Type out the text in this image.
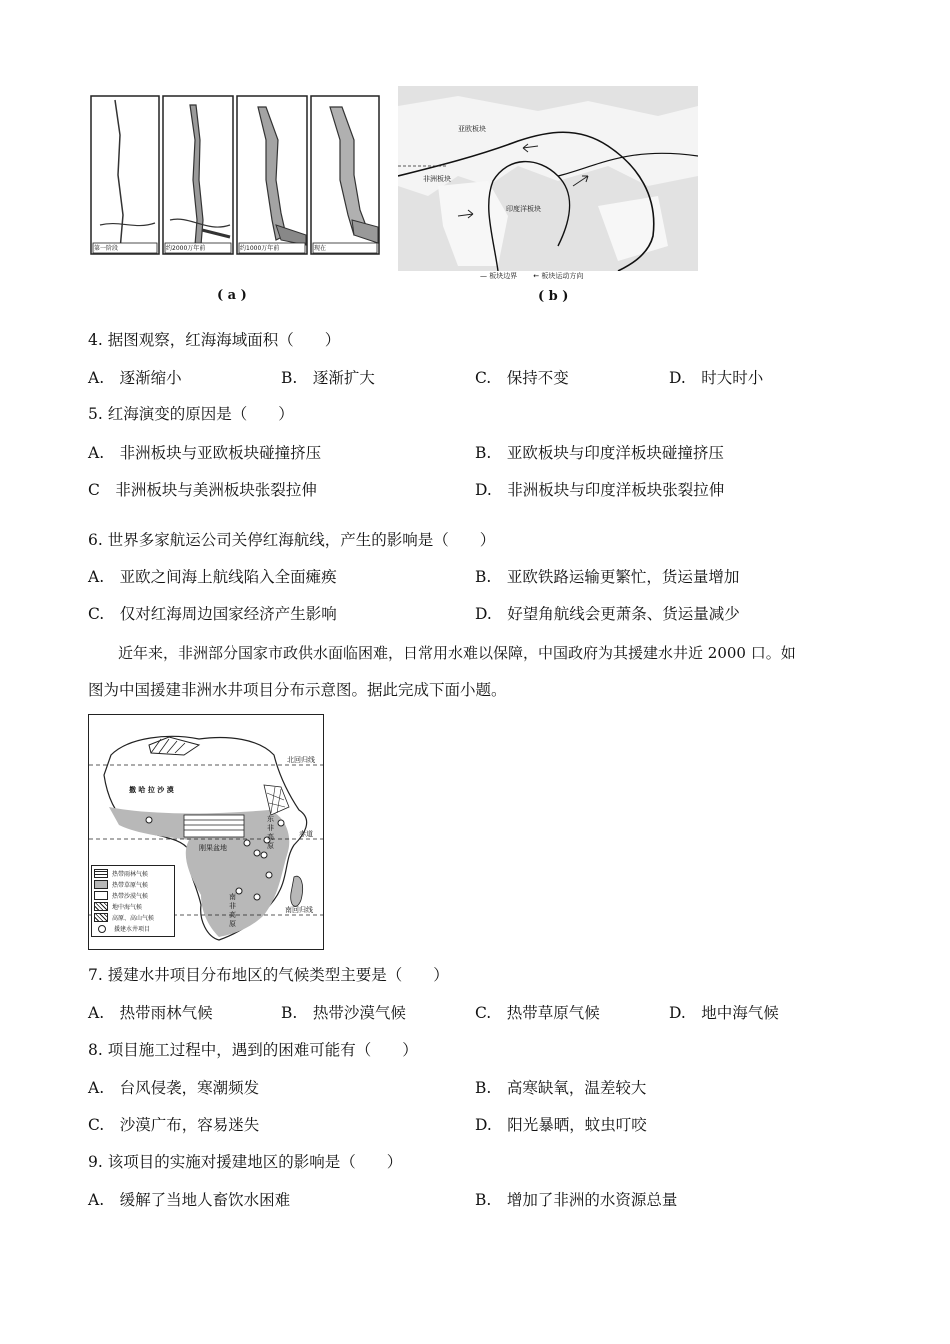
第一阶段	约2000万年前	约1000万年前	现在
( a )
亚欧板块
非洲板块
印度洋板块
— 板块边界 ← 板块运动方向
( b )
4. 据图观察，红海海域面积（　　）
A.　逐渐缩小	B.　逐渐扩大	C.　保持不变	D.　时大时小
5. 红海演变的原因是（　　）
A.　非洲板块与亚欧板块碰撞挤压	B.　亚欧板块与印度洋板块碰撞挤压
C　非洲板块与美洲板块张裂拉伸	D.　非洲板块与印度洋板块张裂拉伸
6. 世界多家航运公司关停红海航线，产生的影响是（　　）
A.　亚欧之间海上航线陷入全面瘫痪	B.　亚欧铁路运输更繁忙，货运量增加
C.　仅对红海周边国家经济产生影响	D.　好望角航线会更萧条、货运量减少
近年来，非洲部分国家市政供水面临困难，日常用水难以保障，中国政府为其援建水井近 2000 口。如
图为中国援建非洲水井项目分布示意图。据此完成下面小题。
撒 哈 拉 沙 漠
刚果盆地
东非高原
南非高原
北回归线
赤道
南回归线
热带雨林气候
热带草原气候
热带沙漠气候
地中海气候
高原、高山气候
援建水井项目
7. 援建水井项目分布地区的气候类型主要是（　　）
A.　热带雨林气候	B.　热带沙漠气候	C.　热带草原气候	D.　地中海气候
8. 项目施工过程中，遇到的困难可能有（　　）
A.　台风侵袭，寒潮频发	B.　高寒缺氧，温差较大
C.　沙漠广布，容易迷失	D.　阳光暴晒，蚊虫叮咬
9. 该项目的实施对援建地区的影响是（　　）
A.　缓解了当地人畜饮水困难	B.　增加了非洲的水资源总量
